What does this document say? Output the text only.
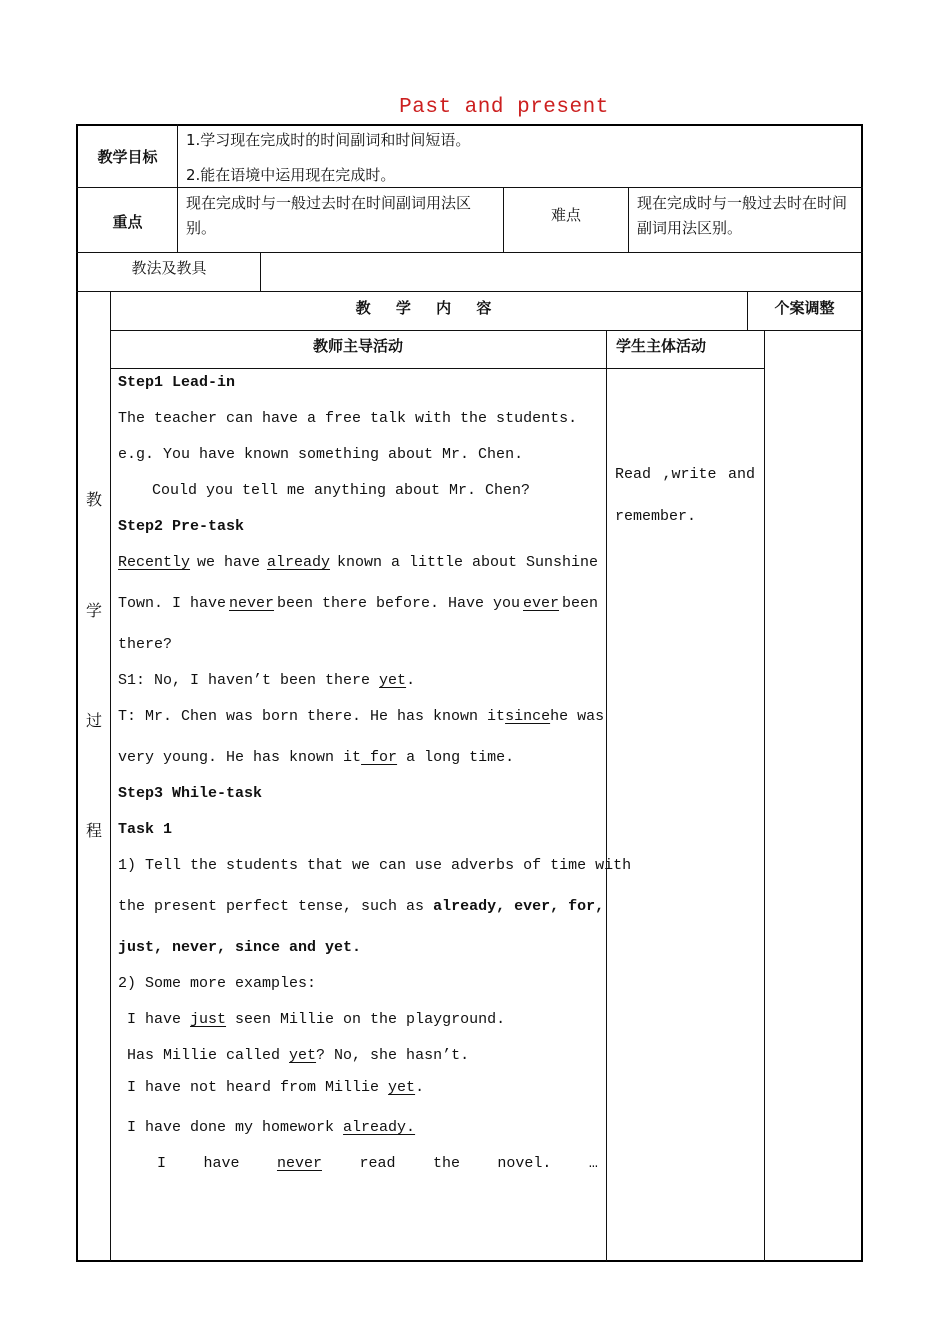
Past and present
教学目标
1.学习现在完成时的时间副词和时间短语。
2.能在语境中运用现在完成时。
重点
现在完成时与一般过去时在时间副词用法区别。
难点
现在完成时与一般过去时在时间副词用法区别。
教法及教具
教
学
过
程
教 学 内 容	个案调整
教师主导活动	学生主体活动
Read ,write and
remember.
Step1 Lead-in
The teacher can have a free talk with the students.
e.g. You have known something about Mr. Chen.
Could you tell me anything about Mr. Chen?
Step2 Pre-task
Recently we have already known a little about Sunshine
Town. I have never been there before. Have you ever been
there?
S1: No, I haven’t been there yet.
T: Mr. Chen was born there. He has known it since he was
very young. He has known it for a long time.
Step3 While-task
Task 1
1) Tell the students that we can use adverbs of time with
the present perfect tense, such as already, ever, for,
just, never, since and yet.
2) Some more examples:
I have just seen Millie on the playground.
Has Millie called yet? No, she hasn’t.
I have not heard from Millie yet.
I have done my homework already.
I have never read the novel. …
